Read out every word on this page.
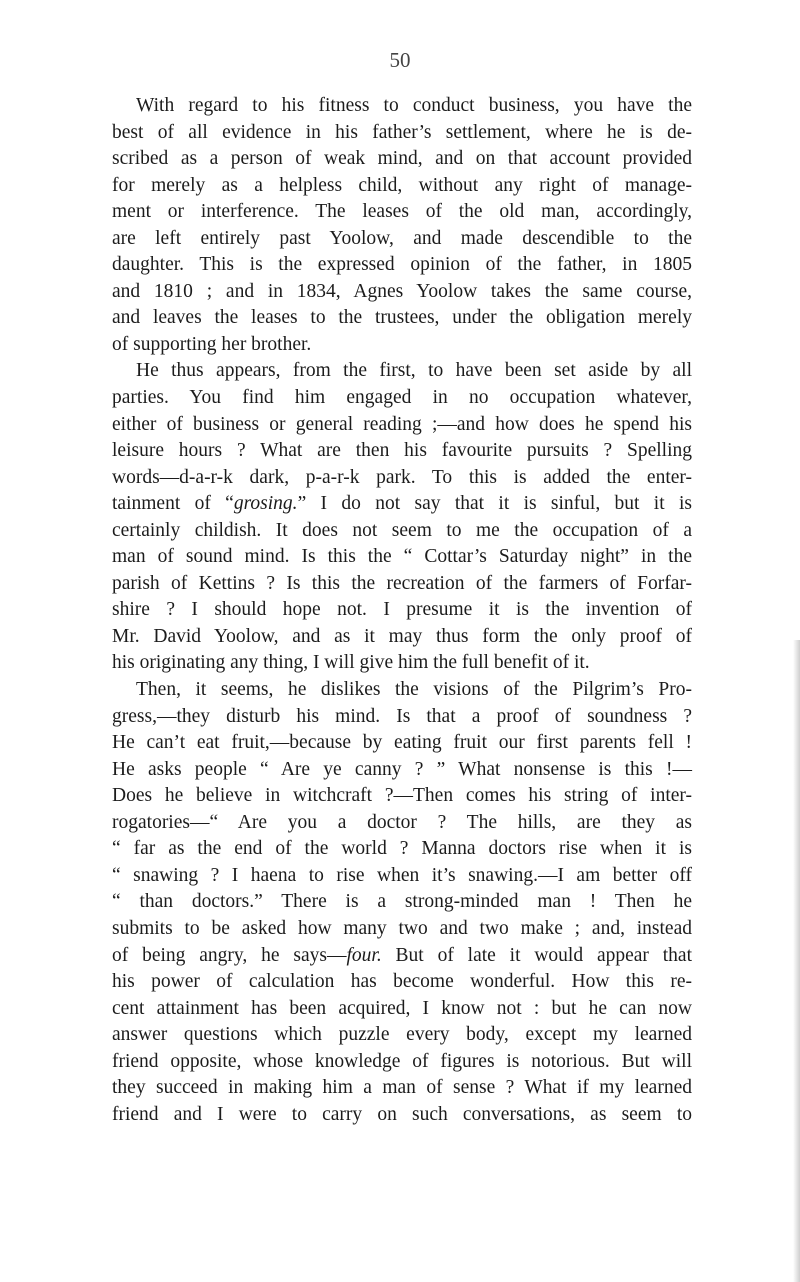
50
With regard to his fitness to conduct business, you have the
best of all evidence in his father’s settlement, where he is de-
scribed as a person of weak mind, and on that account provided
for merely as a helpless child, without any right of manage-
ment or interference. The leases of the old man, accordingly,
are left entirely past Yoolow, and made descendible to the
daughter. This is the expressed opinion of the father, in 1805
and 1810 ; and in 1834, Agnes Yoolow takes the same course,
and leaves the leases to the trustees, under the obligation merely
of supporting her brother.
He thus appears, from the first, to have been set aside by all
parties. You find him engaged in no occupation whatever,
either of business or general reading ;—and how does he spend his
leisure hours ? What are then his favourite pursuits ? Spelling
words—d-a-r-k dark, p-a-r-k park. To this is added the enter-
tainment of “grosing.” I do not say that it is sinful, but it is
certainly childish. It does not seem to me the occupation of a
man of sound mind. Is this the “ Cottar’s Saturday night” in the
parish of Kettins ? Is this the recreation of the farmers of Forfar-
shire ? I should hope not. I presume it is the invention of
Mr. David Yoolow, and as it may thus form the only proof of
his originating any thing, I will give him the full benefit of it.
Then, it seems, he dislikes the visions of the Pilgrim’s Pro-
gress,—they disturb his mind. Is that a proof of soundness ?
He can’t eat fruit,—because by eating fruit our first parents fell !
He asks people “ Are ye canny ? ” What nonsense is this !—
Does he believe in witchcraft ?—Then comes his string of inter-
rogatories—“ Are you a doctor ? The hills, are they as
“ far as the end of the world ? Manna doctors rise when it is
“ snawing ? I haena to rise when it’s snawing.—I am better off
“ than doctors.” There is a strong-minded man ! Then he
submits to be asked how many two and two make ; and, instead
of being angry, he says—four. But of late it would appear that
his power of calculation has become wonderful. How this re-
cent attainment has been acquired, I know not : but he can now
answer questions which puzzle every body, except my learned
friend opposite, whose knowledge of figures is notorious. But will
they succeed in making him a man of sense ? What if my learned
friend and I were to carry on such conversations, as seem to
